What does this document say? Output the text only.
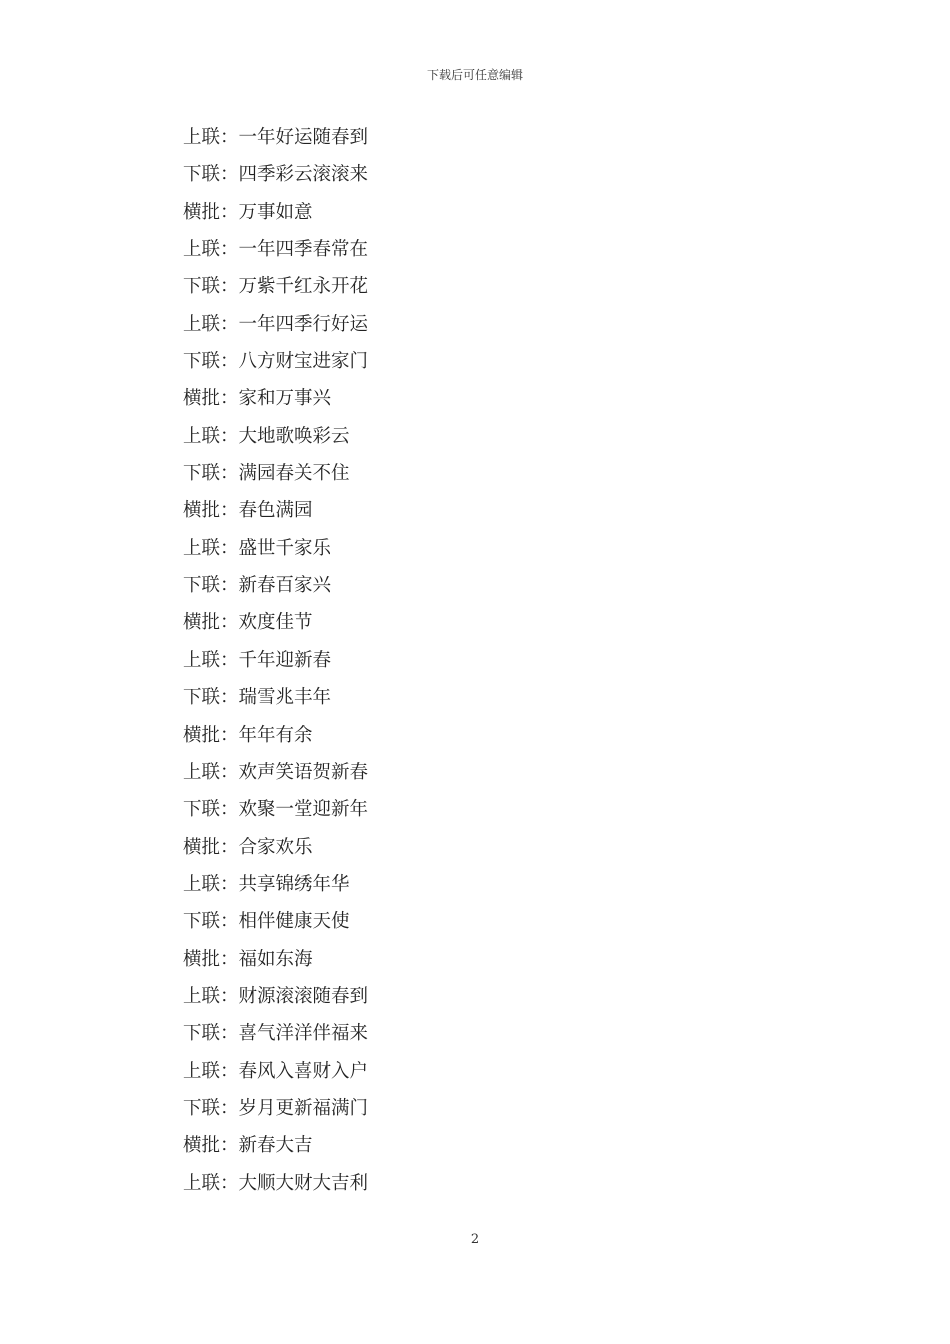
下载后可任意编辑
上联：一年好运随春到
下联：四季彩云滚滚来
横批：万事如意
上联：一年四季春常在
下联：万紫千红永开花
上联：一年四季行好运
下联：八方财宝进家门
横批：家和万事兴
上联：大地歌唤彩云
下联：满园春关不住
横批：春色满园
上联：盛世千家乐
下联：新春百家兴
横批：欢度佳节
上联：千年迎新春
下联：瑞雪兆丰年
横批：年年有余
上联：欢声笑语贺新春
下联：欢聚一堂迎新年
横批：合家欢乐
上联：共享锦绣年华
下联：相伴健康天使
横批：福如东海
上联：财源滚滚随春到
下联：喜气洋洋伴福来
上联：春风入喜财入户
下联：岁月更新福满门
横批：新春大吉
上联：大顺大财大吉利
2
